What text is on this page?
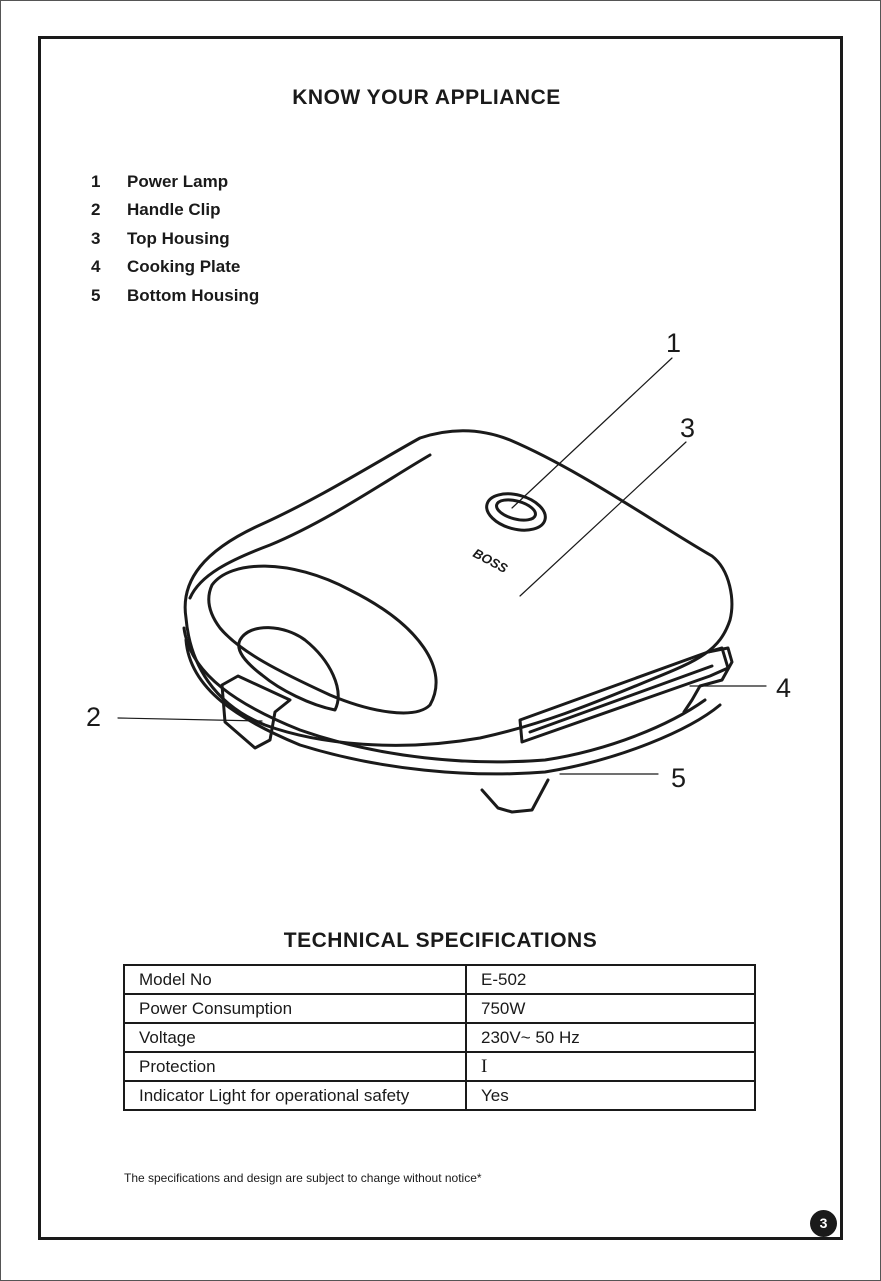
KNOW YOUR APPLIANCE
1 Power Lamp
2 Handle Clip
3 Top Housing
4 Cooking Plate
5 Bottom Housing
BOSS
1
2
3
4
5
TECHNICAL SPECIFICATIONS
Model No	E-502
Power Consumption	750W
Voltage	230V~ 50 Hz
Protection	I
Indicator Light for operational safety	Yes
The specifications and design are subject to change without notice*
3
